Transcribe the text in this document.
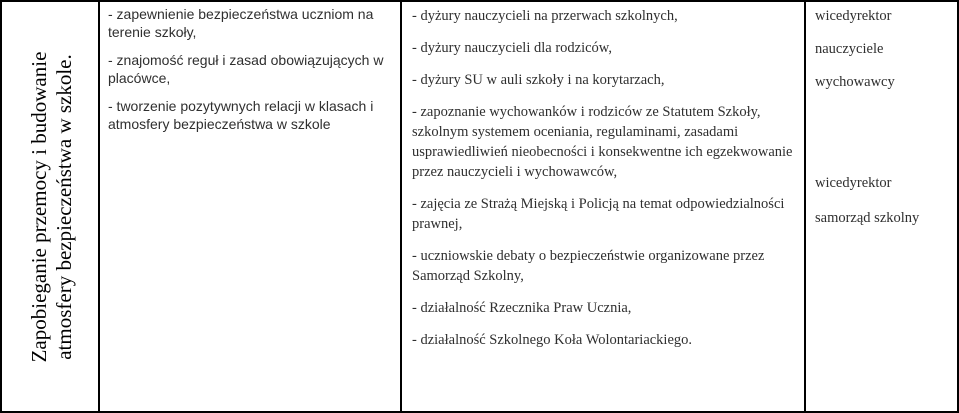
Zapobieganie przemocy i budowanie atmosfery bezpieczeństwa w szkole.
- zapewnienie bezpieczeństwa uczniom na terenie szkoły,
- znajomość reguł i zasad obowiązujących w placówce,
- tworzenie pozytywnych relacji w klasach i atmosfery bezpieczeństwa w szkole
- dyżury nauczycieli na przerwach szkolnych,
- dyżury nauczycieli dla rodziców,
- dyżury SU w auli szkoły i na korytarzach,
- zapoznanie wychowanków i rodziców ze Statutem Szkoły, szkolnym systemem oceniania, regulaminami, zasadami usprawiedliwień nieobecności i konsekwentne ich egzekwowanie przez nauczycieli i wychowawców,
- zajęcia ze Strażą Miejską i Policją na temat odpowiedzialności prawnej,
- uczniowskie debaty o bezpieczeństwie organizowane przez Samorząd Szkolny,
- działalność Rzecznika Praw Ucznia,
- działalność Szkolnego Koła Wolontariackiego.
wicedyrektor
nauczyciele
wychowawcy
wicedyrektor
samorząd szkolny
